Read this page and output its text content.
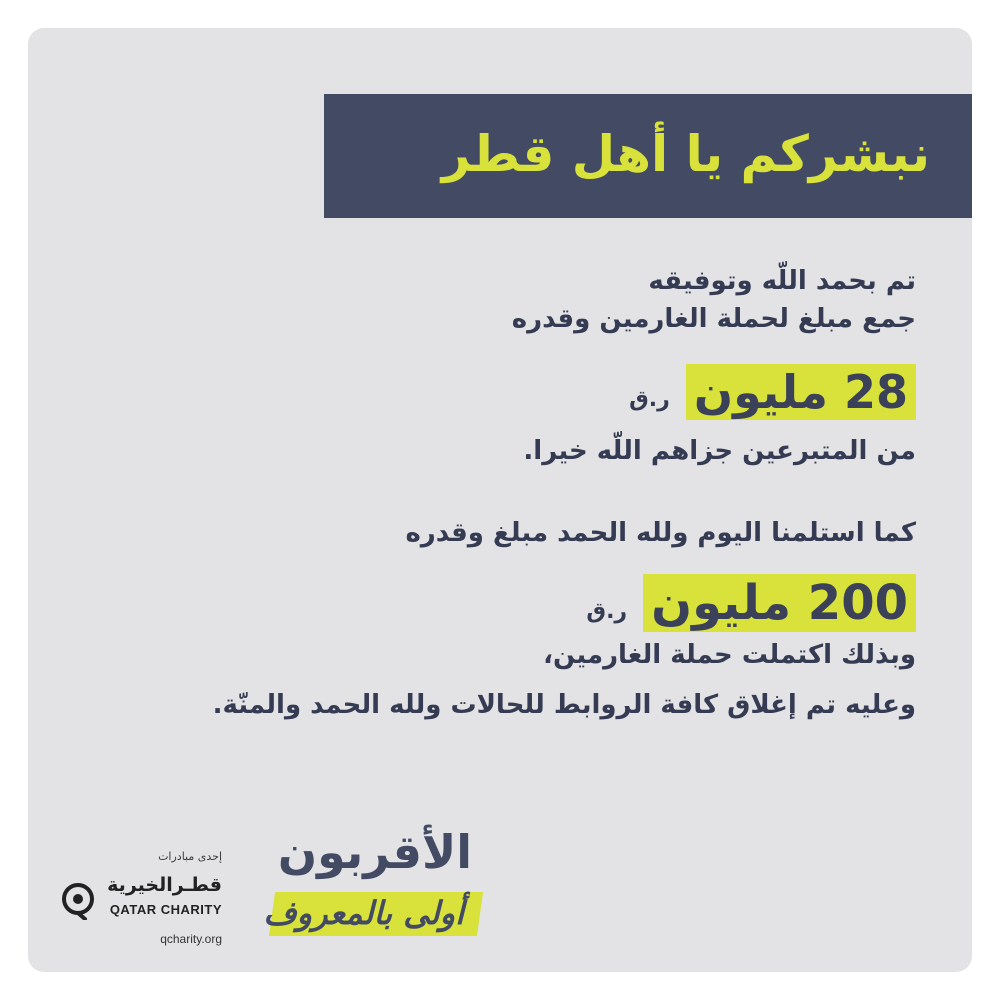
نبشركم يا أهل قطر

تم بحمد اللّه وتوفيقه

جمع مبلغ لحملة الغارمين وقدره

28 مليون
ر.ق

من المتبرعين جزاهم اللّه خيرا.

كما استلمنا اليوم ولله الحمد مبلغ وقدره

200 مليون
ر.ق

وبذلك اكتملت حملة الغارمين،

وعليه تم إغلاق كافة الروابط للحالات ولله الحمد والمنّة.

الأقربون

أولى بالمعروف

إحدى مبادرات

قطـرالخيرية

QATAR CHARITY

qcharity.org
